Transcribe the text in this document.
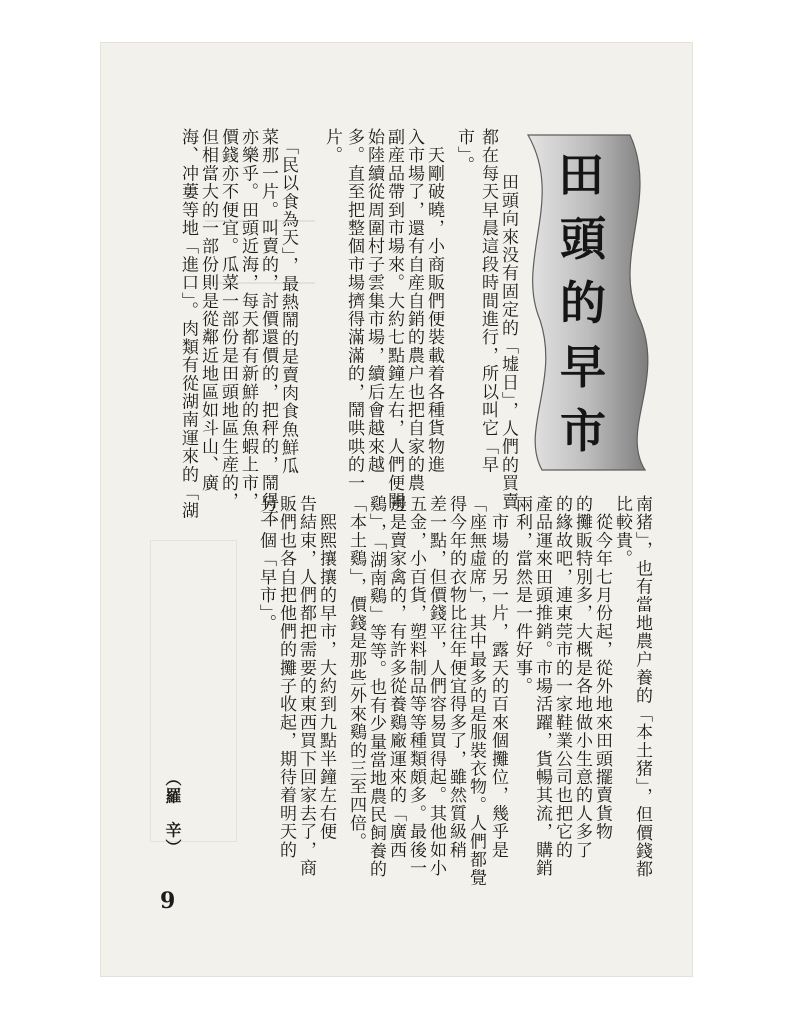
田
頭
的
早
市
南猪」，也有當地農户養的「本土猪」，但價錢都
比較貴。
　從今年七月份起，從外地來田頭擺賣貨物
的攤販特別多，大概是各地做小生意的人多了
的緣故吧，連東莞市的一家鞋業公司也把它的
產品運來田頭推銷。市場活躍，貨暢其流，購銷
兩利，當然是一件好事。
　市場的另一片，露天的百來個攤位，幾乎是
「座無虛席」，其中最多的是服裝衣物。人們都覺
得今年的衣物比往年便宜得多了，雖然質級稍
差一點，但價錢平，人們容易買得起。其他如小
五金，小百貨，塑料制品等等種類頗多。最後一
邊是賣家禽的，有許多從養鷄廠運來的「廣西
鷄」，「湖南鷄」等等。也有少量當地農民飼養的
「本土鷄」，價錢是那些外來鷄的三至四倍。
　熙熙攘攘的早市，大約到九點半鐘左右便
告結束，人們都把需要的東西買下回家去了，商
販們也各自把他們的攤子收起，期待着明天的
另一個「早市」。
　田頭向來没有固定的「墟日」，人們的買賣
都在每天早晨這段時間進行，所以叫它「早
市」。
　天剛破曉，小商販們便裝載着各種貨物進
入市場了，還有自産自銷的農户也把自家的農
副産品帶到市場來。大約七點鐘左右，人們便開
始陸續從周圍村子雲集市場，續后會越來越
多。直至把整個市場擠得滿滿的，鬧哄哄的一
片。
　「民以食為天」，最熱鬧的是賣肉食魚鮮瓜
菜那一片。叫賣的，討價還價的，把秤的，鬧得不
亦樂乎。田頭近海，每天都有新鮮的魚蝦上市，
價錢亦不便宜。瓜菜一部份是田頭地區生産的，
但相當大的一部份則是從鄰近地區如斗山、廣
海、冲蔞等地「進口」。肉類有從湖南運來的「湖
（羅　辛）
9
